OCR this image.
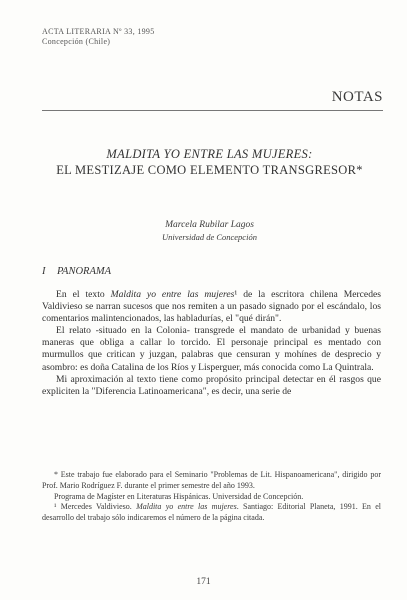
ACTA LITERARIA Nº 33, 1995
Concepción (Chile)
NOTAS
MALDITA YO ENTRE LAS MUJERES:
EL MESTIZAJE COMO ELEMENTO TRANSGRESOR*
Marcela Rubilar Lagos
Universidad de Concepción
I PANORAMA

En el texto Maldita yo entre las mujeres¹ de la escritora chilena Mercedes Valdivieso se narran sucesos que nos remiten a un pasado signado por el escándalo, los comentarios malintencionados, las habladurías, el "qué dirán".

El relato -situado en la Colonia- transgrede el mandato de urbanidad y buenas maneras que obliga a callar lo torcido. El personaje principal es mentado con murmullos que critican y juzgan, palabras que censuran y mohínes de desprecio y asombro: es doña Catalina de los Ríos y Lisperguer, más conocida como La Quintrala.

Mi aproximación al texto tiene como propósito principal detectar en él rasgos que expliciten la "Diferencia Latinoamericana", es decir, una serie de

* Este trabajo fue elaborado para el Seminario "Problemas de Lit. Hispanoamericana", dirigido por Prof. Mario Rodríguez F. durante el primer semestre del año 1993.

Programa de Magíster en Literaturas Hispánicas. Universidad de Concepción.

¹ Mercedes Valdivieso. Maldita yo entre las mujeres. Santiago: Editorial Planeta, 1991. En el desarrollo del trabajo sólo indicaremos el número de la página citada.

171
